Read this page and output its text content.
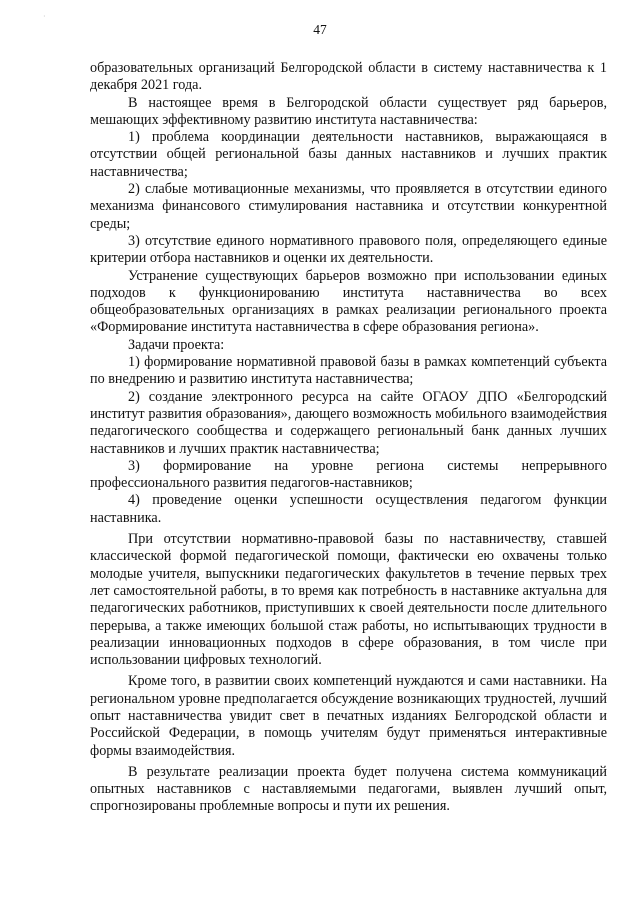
·
47

образовательных организаций Белгородской области в систему наставничества к 1 декабря 2021 года.

В настоящее время в Белгородской области существует ряд барьеров, мешающих эффективному развитию института наставничества:

1) проблема координации деятельности наставников, выражающаяся в отсутствии общей региональной базы данных наставников и лучших практик наставничества;

2) слабые мотивационные механизмы, что проявляется в отсутствии единого механизма финансового стимулирования наставника и отсутствии конкурентной среды;

3) отсутствие единого нормативного правового поля, определяющего единые критерии отбора наставников и оценки их деятельности.

Устранение существующих барьеров возможно при использовании единых подходов к функционированию института наставничества во всех общеобразовательных организациях в рамках реализации регионального проекта «Формирование института наставничества в сфере образования региона».

Задачи проекта:

1) формирование нормативной правовой базы в рамках компетенций субъекта по внедрению и развитию института наставничества;

2) создание электронного ресурса на сайте ОГАОУ ДПО «Белгородский институт развития образования», дающего возможность мобильного взаимодействия педагогического сообщества и содержащего региональный банк данных лучших наставников и лучших практик наставничества;

3) формирование на уровне региона системы непрерывного профессионального развития педагогов-наставников;

4) проведение оценки успешности осуществления педагогом функции наставника.

При отсутствии нормативно-правовой базы по наставничеству, ставшей классической формой педагогической помощи, фактически ею охвачены только молодые учителя, выпускники педагогических факультетов в течение первых трех лет самостоятельной работы, в то время как потребность в наставнике актуальна для педагогических работников, приступивших к своей деятельности после длительного перерыва, а также имеющих большой стаж работы, но испытывающих трудности в реализации инновационных подходов в сфере образования, в том числе при использовании цифровых технологий.

Кроме того, в развитии своих компетенций нуждаются и сами наставники. На региональном уровне предполагается обсуждение возникающих трудностей, лучший опыт наставничества увидит свет в печатных изданиях Белгородской области и Российской Федерации, в помощь учителям будут применяться интерактивные формы взаимодействия.

В результате реализации проекта будет получена система коммуникаций опытных наставников с наставляемыми педагогами, выявлен лучший опыт, спрогнозированы проблемные вопросы и пути их решения.
